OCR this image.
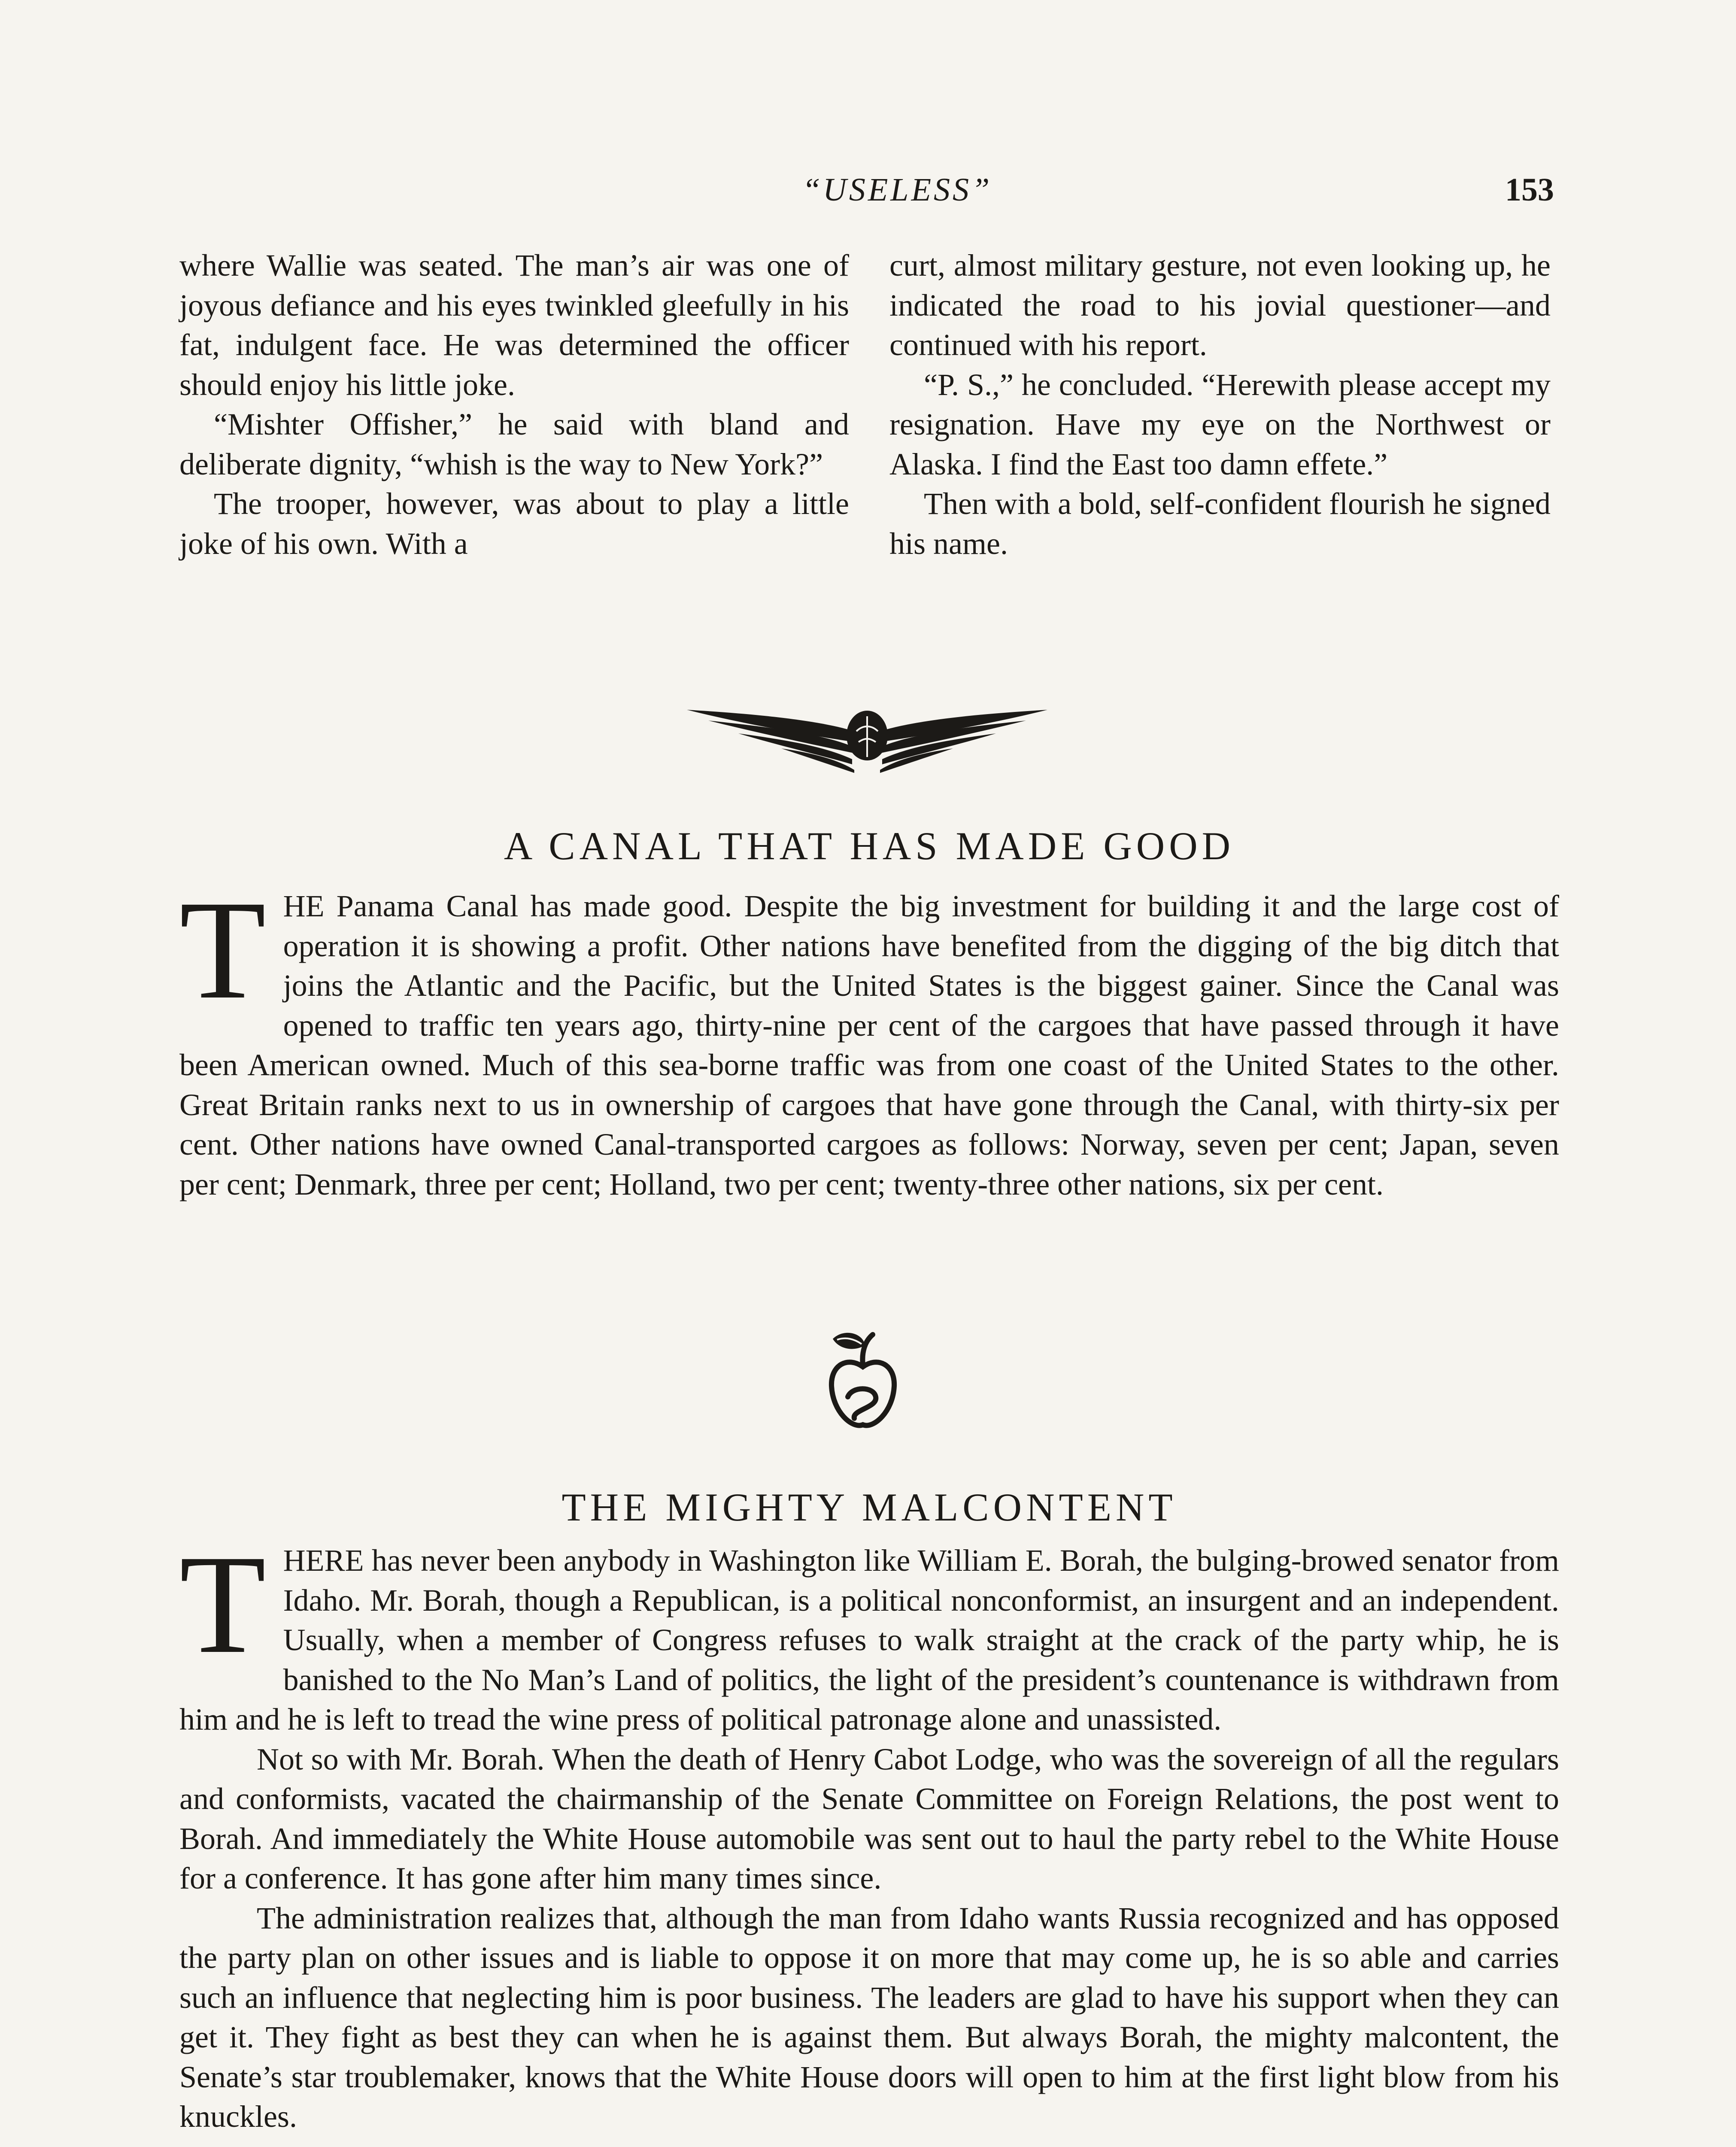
“USELESS”	153

where Wallie was seated. The man’s air was one of joyous defiance and his eyes twinkled gleefully in his fat, indulgent face. He was determined the officer should enjoy his little joke.

“Mishter Offisher,” he said with bland and deliberate dignity, “whish is the way to New York?”

The trooper, however, was about to play a little joke of his own. With a

curt, almost military gesture, not even looking up, he indicated the road to his jovial questioner—and continued with his report.

“P. S.,” he concluded. “Herewith please accept my resignation. Have my eye on the Northwest or Alaska. I find the East too damn effete.”

Then with a bold, self-confident flourish he signed his name.

A CANAL THAT HAS MADE GOOD
T HE Panama Canal has made good. Despite the big investment for building it and the large cost of operation it is showing a profit. Other nations have benefited from the digging of the big ditch that joins the Atlantic and the Pacific, but the United States is the biggest gainer. Since the Canal was opened to traffic ten years ago, thirty-nine per cent of the cargoes that have passed through it have been American owned. Much of this sea-borne traffic was from one coast of the United States to the other. Great Britain ranks next to us in ownership of cargoes that have gone through the Canal, with thirty-six per cent. Other nations have owned Canal-transported cargoes as follows: Norway, seven per cent; Japan, seven per cent; Denmark, three per cent; Holland, two per cent; twenty-three other nations, six per cent.

THE MIGHTY MALCONTENT
T HERE has never been anybody in Washington like William E. Borah, the bulging-browed senator from Idaho. Mr. Borah, though a Republican, is a political nonconformist, an insurgent and an independent. Usually, when a member of Congress refuses to walk straight at the crack of the party whip, he is banished to the No Man’s Land of politics, the light of the president’s countenance is withdrawn from him and he is left to tread the wine press of political patronage alone and unassisted.

Not so with Mr. Borah. When the death of Henry Cabot Lodge, who was the sovereign of all the regulars and conformists, vacated the chairmanship of the Senate Committee on Foreign Relations, the post went to Borah. And immediately the White House automobile was sent out to haul the party rebel to the White House for a conference. It has gone after him many times since.

The administration realizes that, although the man from Idaho wants Russia recognized and has opposed the party plan on other issues and is liable to oppose it on more that may come up, he is so able and carries such an influence that neglecting him is poor business. The leaders are glad to have his support when they can get it. They fight as best they can when he is against them. But always Borah, the mighty malcontent, the Senate’s star troublemaker, knows that the White House doors will open to him at the first light blow from his knuckles.
